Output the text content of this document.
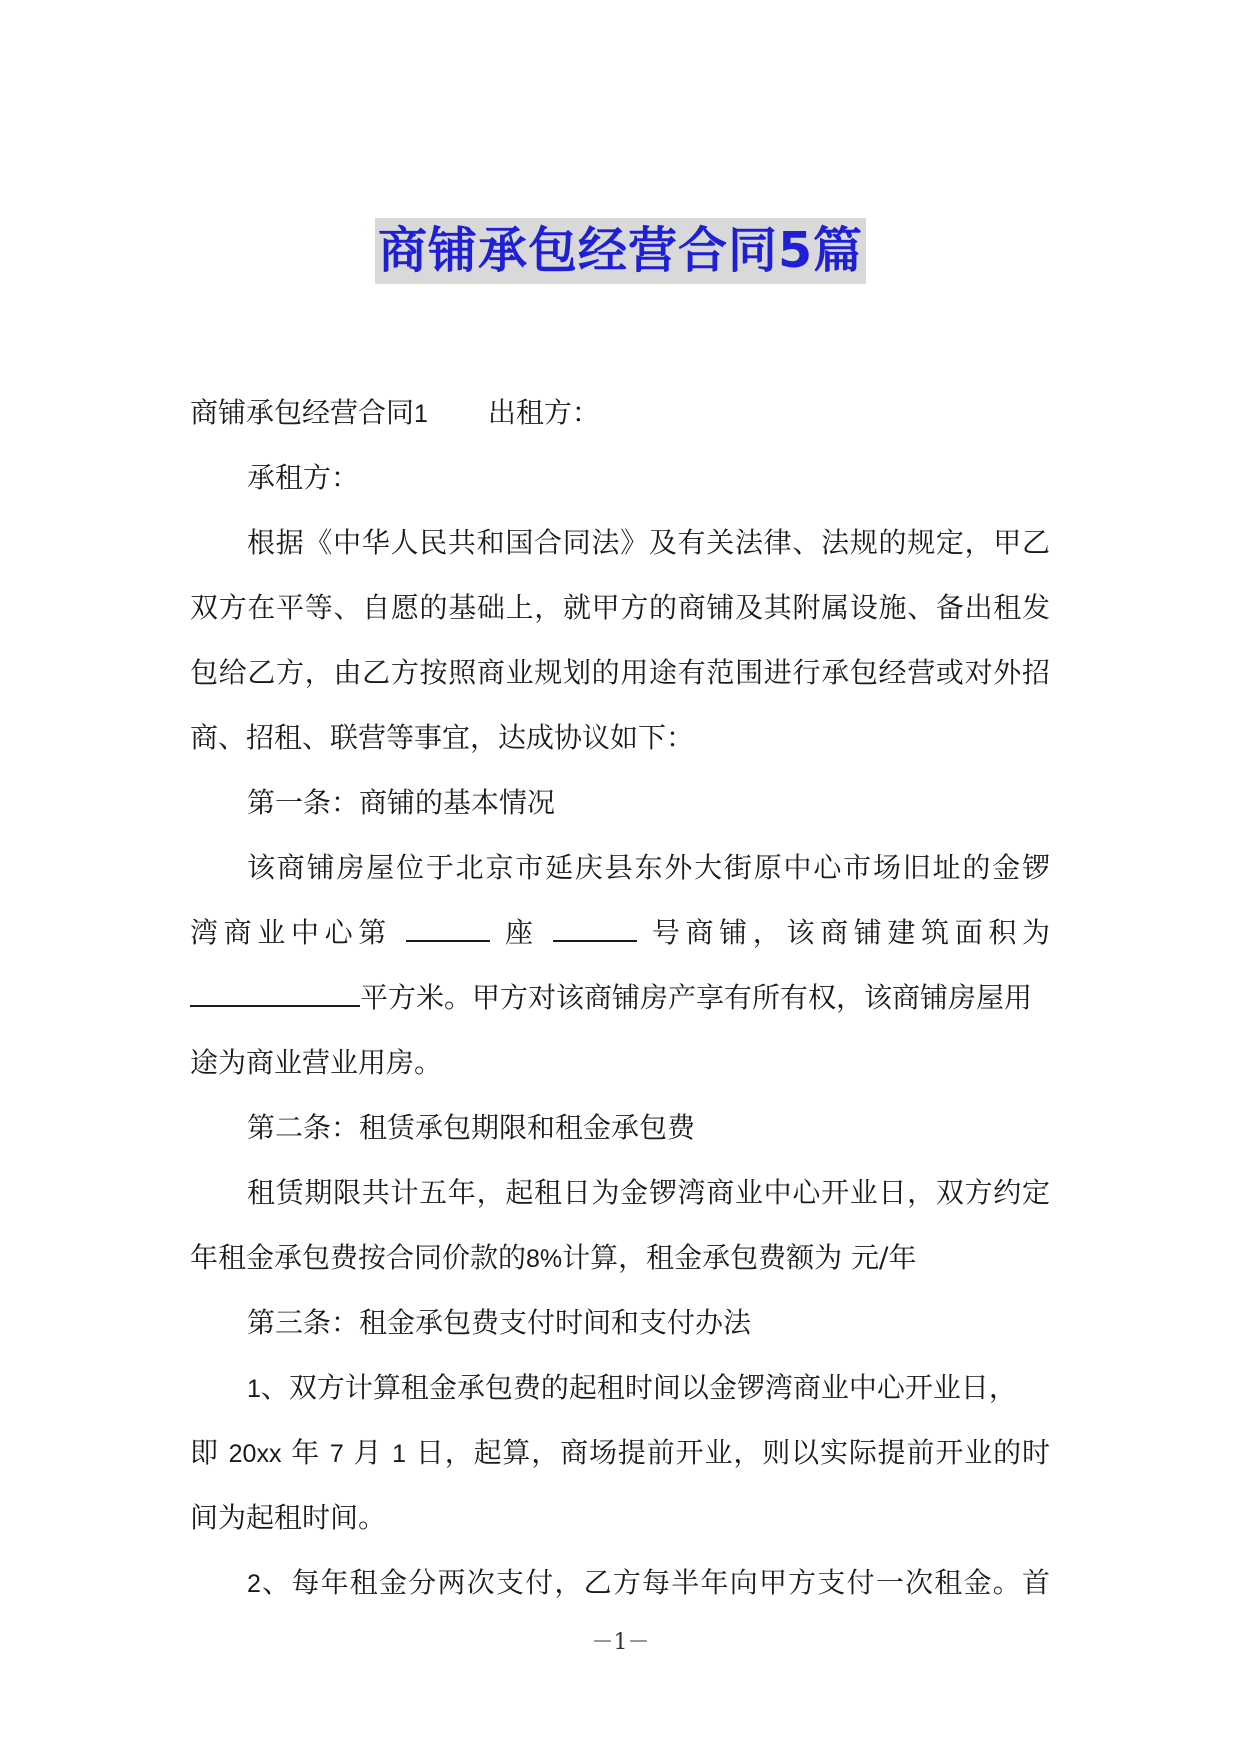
商铺承包经营合同5篇
商铺承包经营合同1 出租方：
承租方：
根据《中华人民共和国合同法》及有关法律、法规的规定，甲乙
双方在平等、自愿的基础上，就甲方的商铺及其附属设施、备出租发
包给乙方，由乙方按照商业规划的用途有范围进行承包经营或对外招
商、招租、联营等事宜，达成协议如下：
第一条：商铺的基本情况
该商铺房屋位于北京市延庆县东外大街原中心市场旧址的金锣
湾商业中心第	座	号商铺，该商铺建筑面积为
平方米。甲方对该商铺房产享有所有权，该商铺房屋用
途为商业营业用房。
第二条：租赁承包期限和租金承包费
租赁期限共计五年，起租日为金锣湾商业中心开业日，双方约定
年租金承包费按合同价款的8%计算，租金承包费额为 元/年
第三条：租金承包费支付时间和支付办法
1、双方计算租金承包费的起租时间以金锣湾商业中心开业日，
即 20xx 年 7 月 1 日，起算，商场提前开业，则以实际提前开业的时
间为起租时间。
2、每年租金分两次支付，乙方每半年向甲方支付一次租金。首
－1－
